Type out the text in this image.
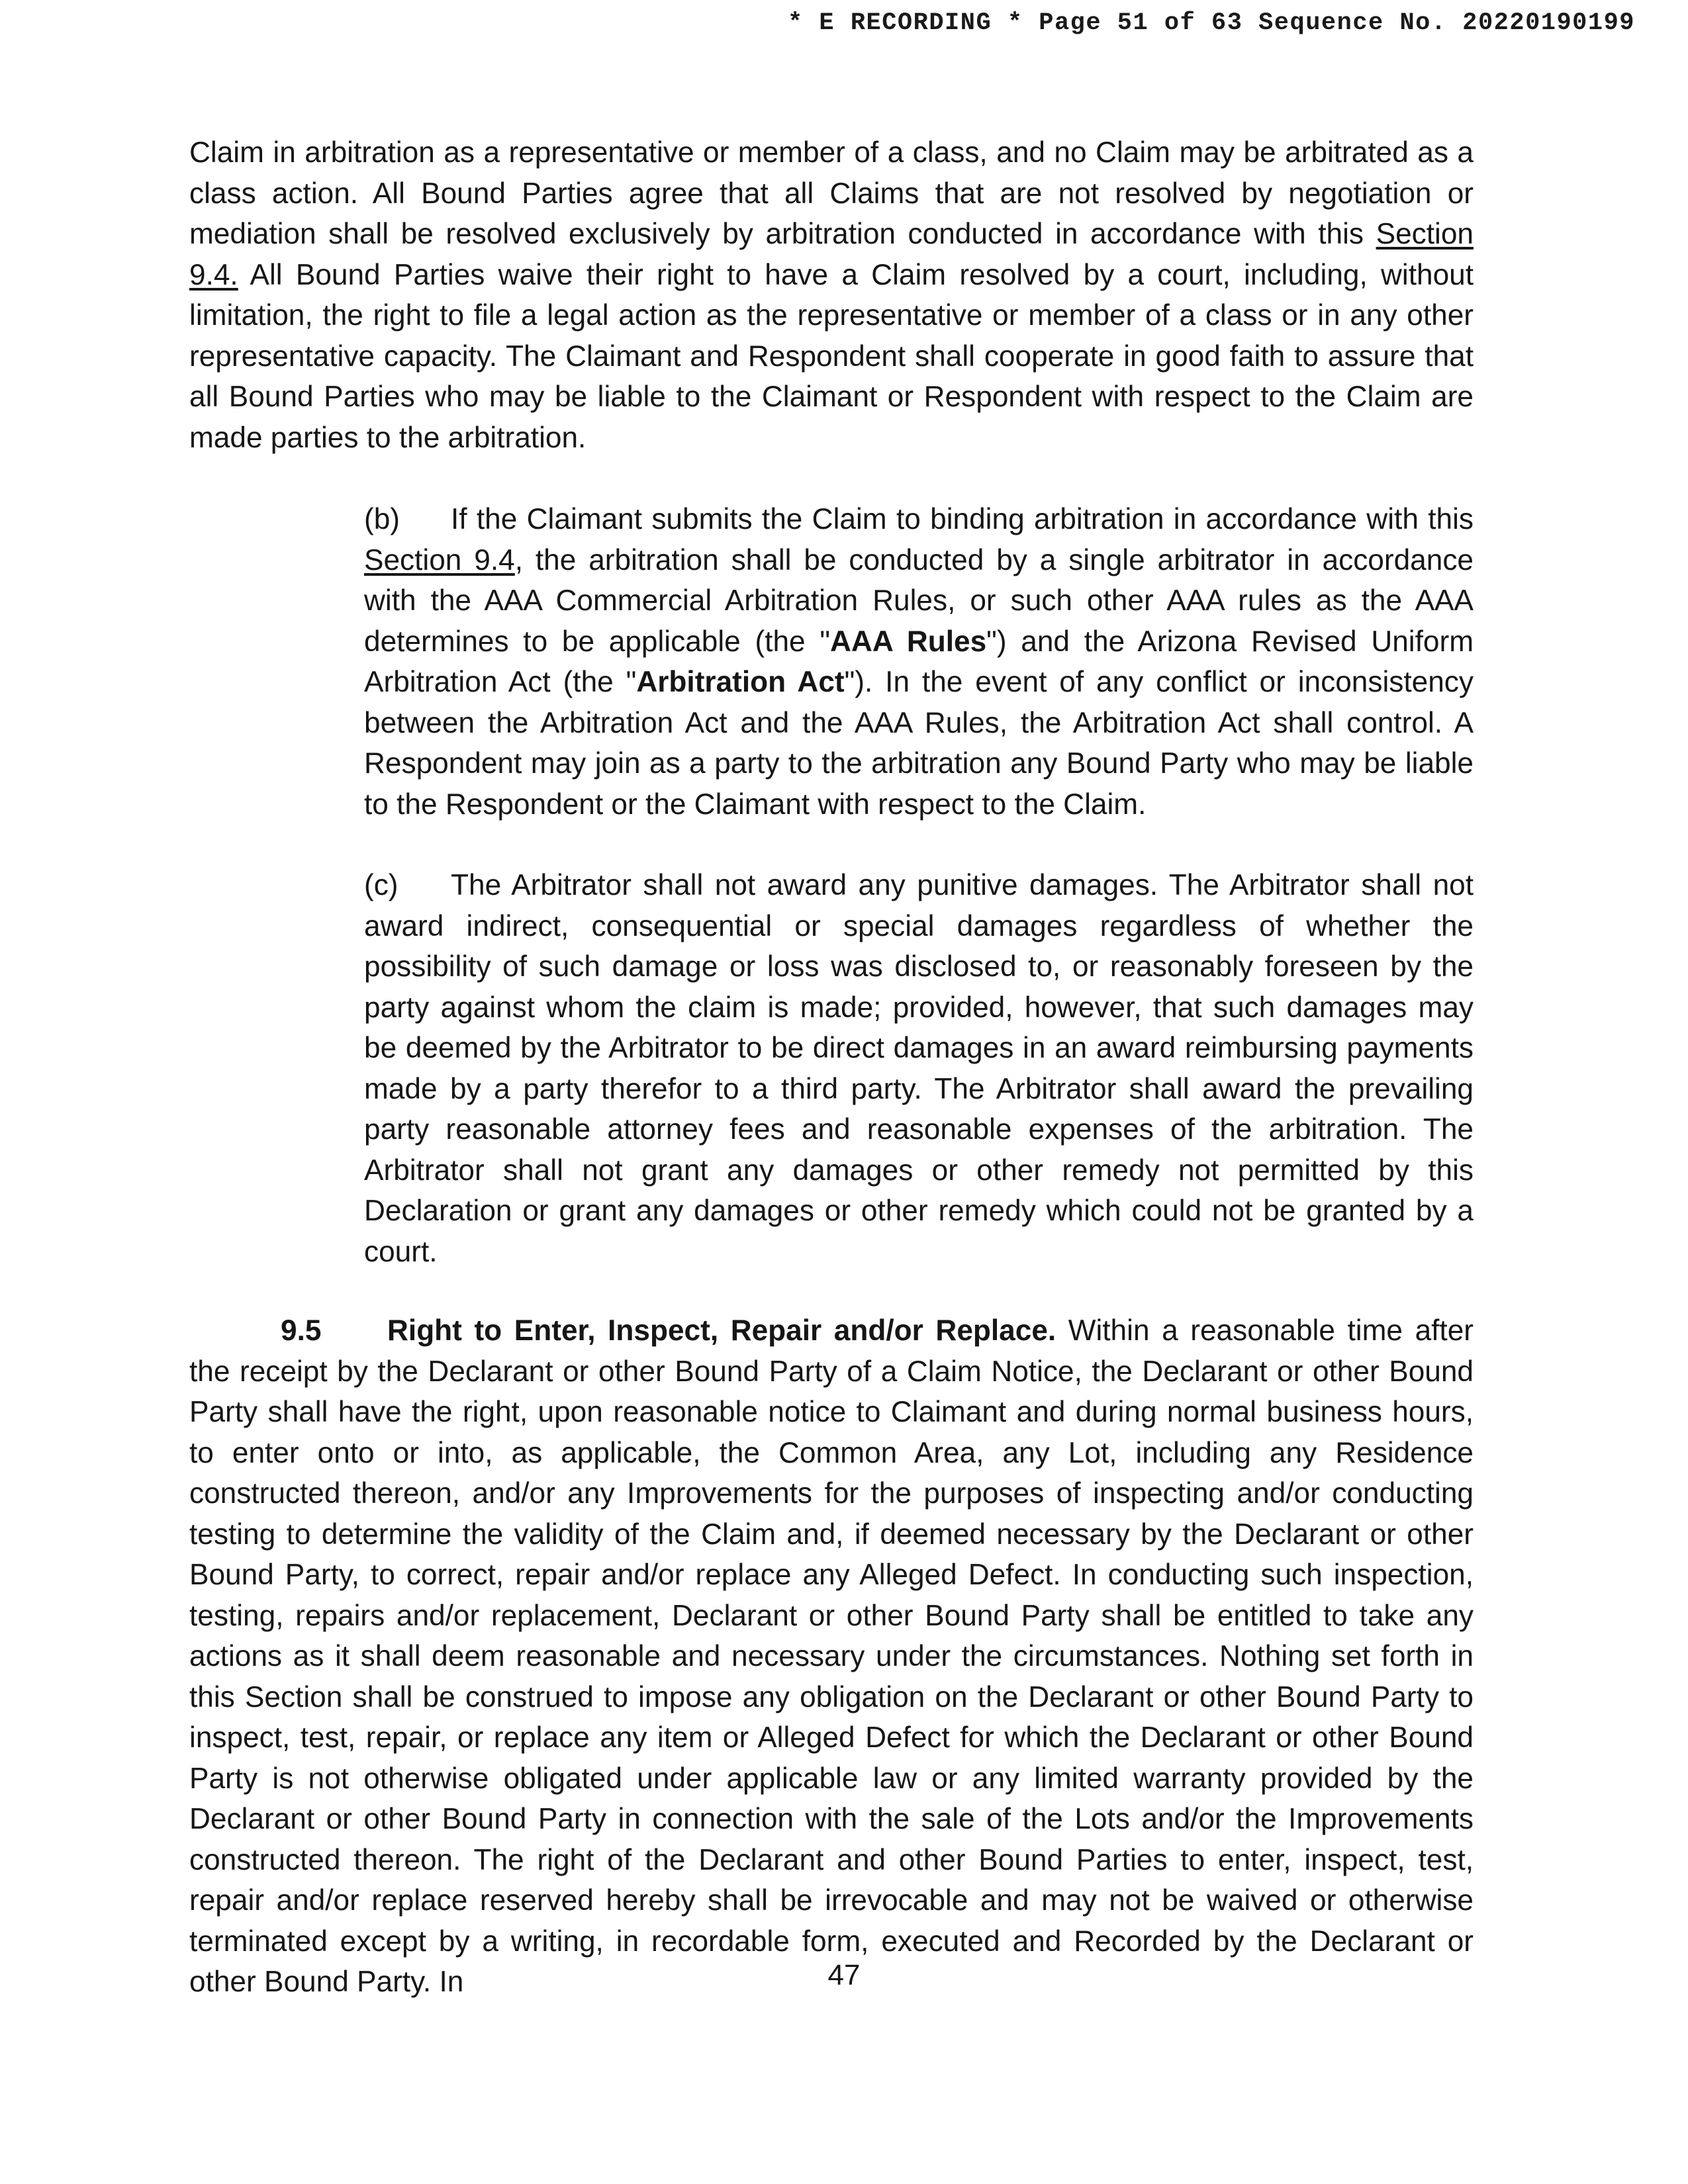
* E RECORDING * Page 51 of 63 Sequence No. 20220190199

Claim in arbitration as a representative or member of a class, and no Claim may be arbitrated as a class action. All Bound Parties agree that all Claims that are not resolved by negotiation or mediation shall be resolved exclusively by arbitration conducted in accordance with this Section 9.4. All Bound Parties waive their right to have a Claim resolved by a court, including, without limitation, the right to file a legal action as the representative or member of a class or in any other representative capacity. The Claimant and Respondent shall cooperate in good faith to assure that all Bound Parties who may be liable to the Claimant or Respondent with respect to the Claim are made parties to the arbitration.

(b) If the Claimant submits the Claim to binding arbitration in accordance with this Section 9.4, the arbitration shall be conducted by a single arbitrator in accordance with the AAA Commercial Arbitration Rules, or such other AAA rules as the AAA determines to be applicable (the "AAA Rules") and the Arizona Revised Uniform Arbitration Act (the "Arbitration Act"). In the event of any conflict or inconsistency between the Arbitration Act and the AAA Rules, the Arbitration Act shall control. A Respondent may join as a party to the arbitration any Bound Party who may be liable to the Respondent or the Claimant with respect to the Claim.

(c) The Arbitrator shall not award any punitive damages. The Arbitrator shall not award indirect, consequential or special damages regardless of whether the possibility of such damage or loss was disclosed to, or reasonably foreseen by the party against whom the claim is made; provided, however, that such damages may be deemed by the Arbitrator to be direct damages in an award reimbursing payments made by a party therefor to a third party. The Arbitrator shall award the prevailing party reasonable attorney fees and reasonable expenses of the arbitration. The Arbitrator shall not grant any damages or other remedy not permitted by this Declaration or grant any damages or other remedy which could not be granted by a court.

9.5 Right to Enter, Inspect, Repair and/or Replace. Within a reasonable time after the receipt by the Declarant or other Bound Party of a Claim Notice, the Declarant or other Bound Party shall have the right, upon reasonable notice to Claimant and during normal business hours, to enter onto or into, as applicable, the Common Area, any Lot, including any Residence constructed thereon, and/or any Improvements for the purposes of inspecting and/or conducting testing to determine the validity of the Claim and, if deemed necessary by the Declarant or other Bound Party, to correct, repair and/or replace any Alleged Defect. In conducting such inspection, testing, repairs and/or replacement, Declarant or other Bound Party shall be entitled to take any actions as it shall deem reasonable and necessary under the circumstances. Nothing set forth in this Section shall be construed to impose any obligation on the Declarant or other Bound Party to inspect, test, repair, or replace any item or Alleged Defect for which the Declarant or other Bound Party is not otherwise obligated under applicable law or any limited warranty provided by the Declarant or other Bound Party in connection with the sale of the Lots and/or the Improvements constructed thereon. The right of the Declarant and other Bound Parties to enter, inspect, test, repair and/or replace reserved hereby shall be irrevocable and may not be waived or otherwise terminated except by a writing, in recordable form, executed and Recorded by the Declarant or other Bound Party. In	47
